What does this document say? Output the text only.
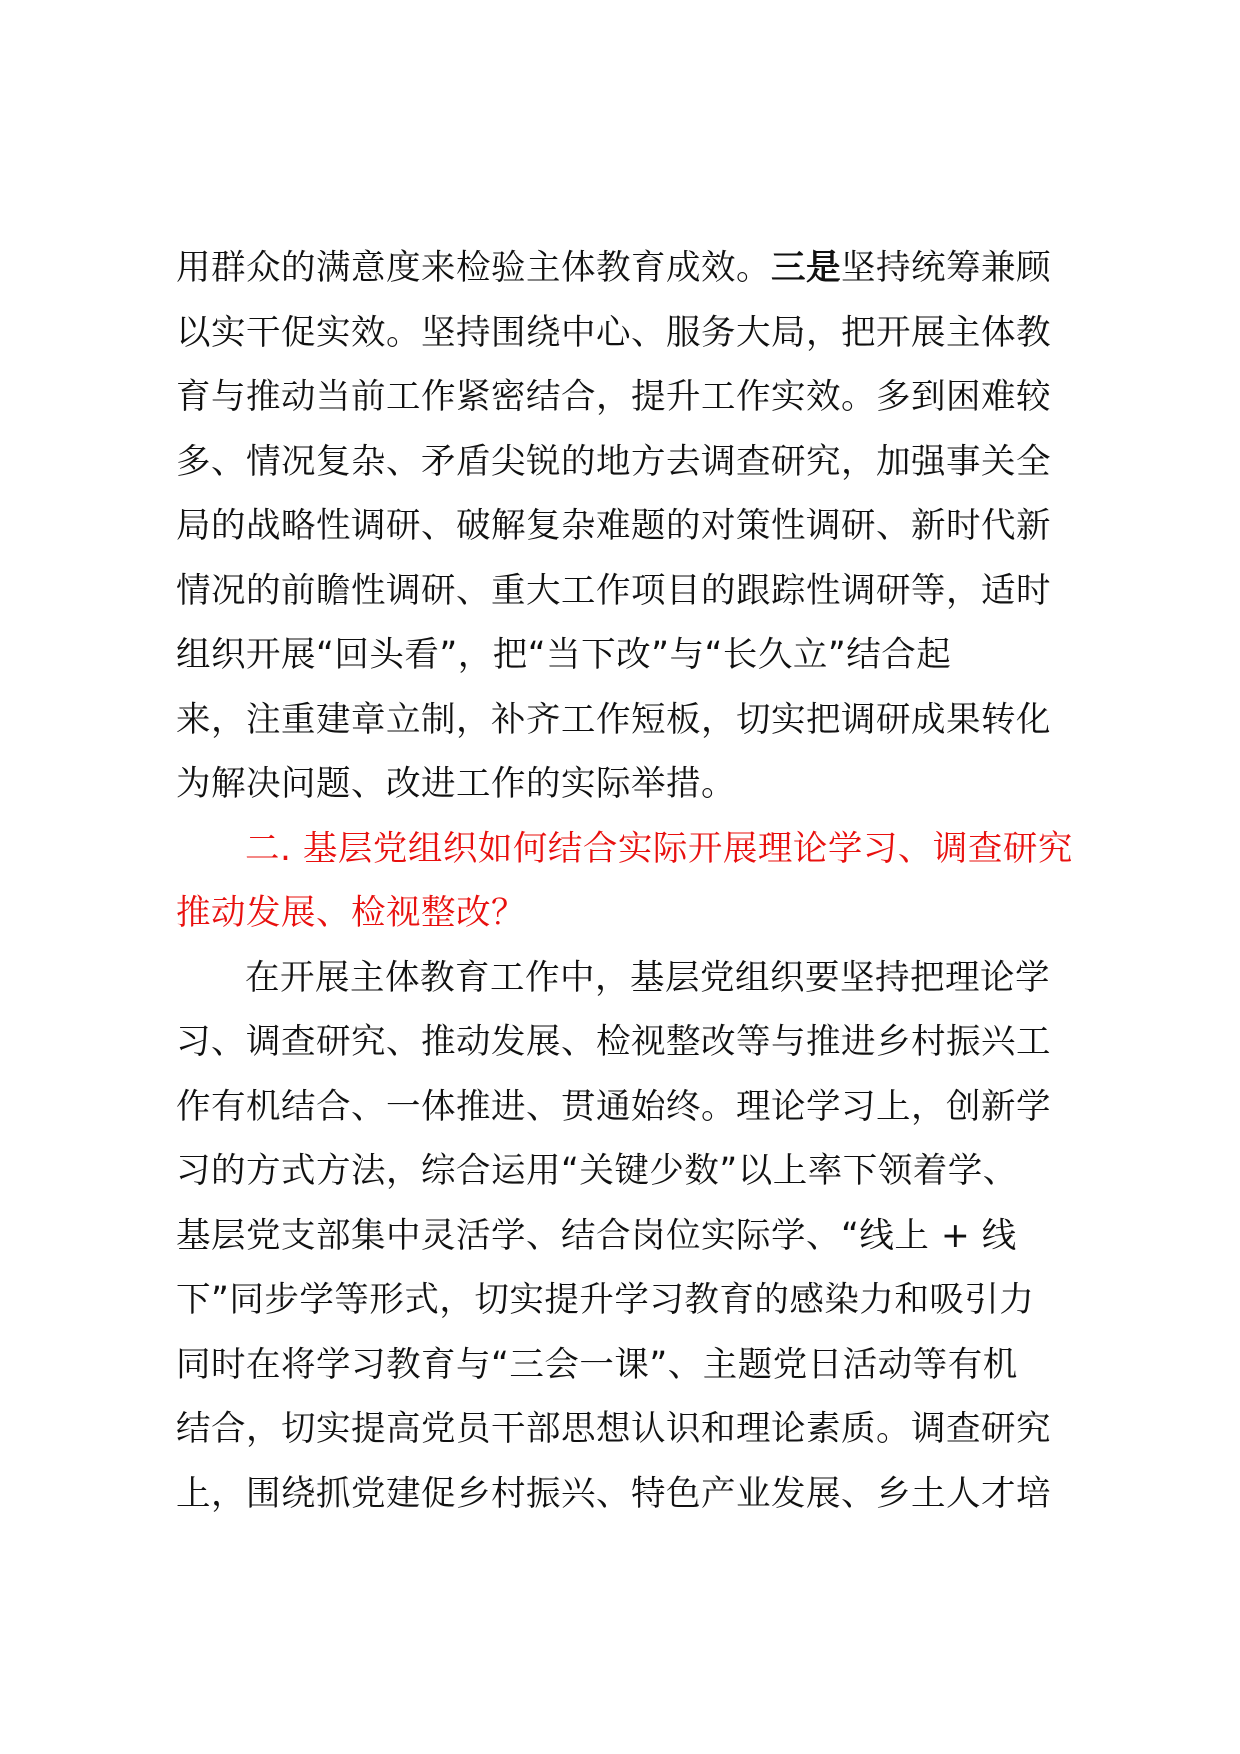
用群众的满意度来检验主体教育成效。三是坚持统筹兼顾
以实干促实效。坚持围绕中心、服务大局，把开展主体教
育与推动当前工作紧密结合，提升工作实效。多到困难较
多、情况复杂、矛盾尖锐的地方去调查研究，加强事关全
局的战略性调研、破解复杂难题的对策性调研、新时代新
情况的前瞻性调研、重大工作项目的跟踪性调研等，适时
组织开展“回头看”，把“当下改”与“长久立”结合起
来，注重建章立制，补齐工作短板，切实把调研成果转化
为解决问题、改进工作的实际举措。
二. 基层党组织如何结合实际开展理论学习、调查研究
推动发展、检视整改？
在开展主体教育工作中，基层党组织要坚持把理论学
习、调查研究、推动发展、检视整改等与推进乡村振兴工
作有机结合、一体推进、贯通始终。理论学习上，创新学
习的方式方法，综合运用“关键少数”以上率下领着学、
基层党支部集中灵活学、结合岗位实际学、“线上 + 线
下”同步学等形式，切实提升学习教育的感染力和吸引力
同时在将学习教育与“三会一课”、主题党日活动等有机
结合，切实提高党员干部思想认识和理论素质。调查研究
上，围绕抓党建促乡村振兴、特色产业发展、乡土人才培
